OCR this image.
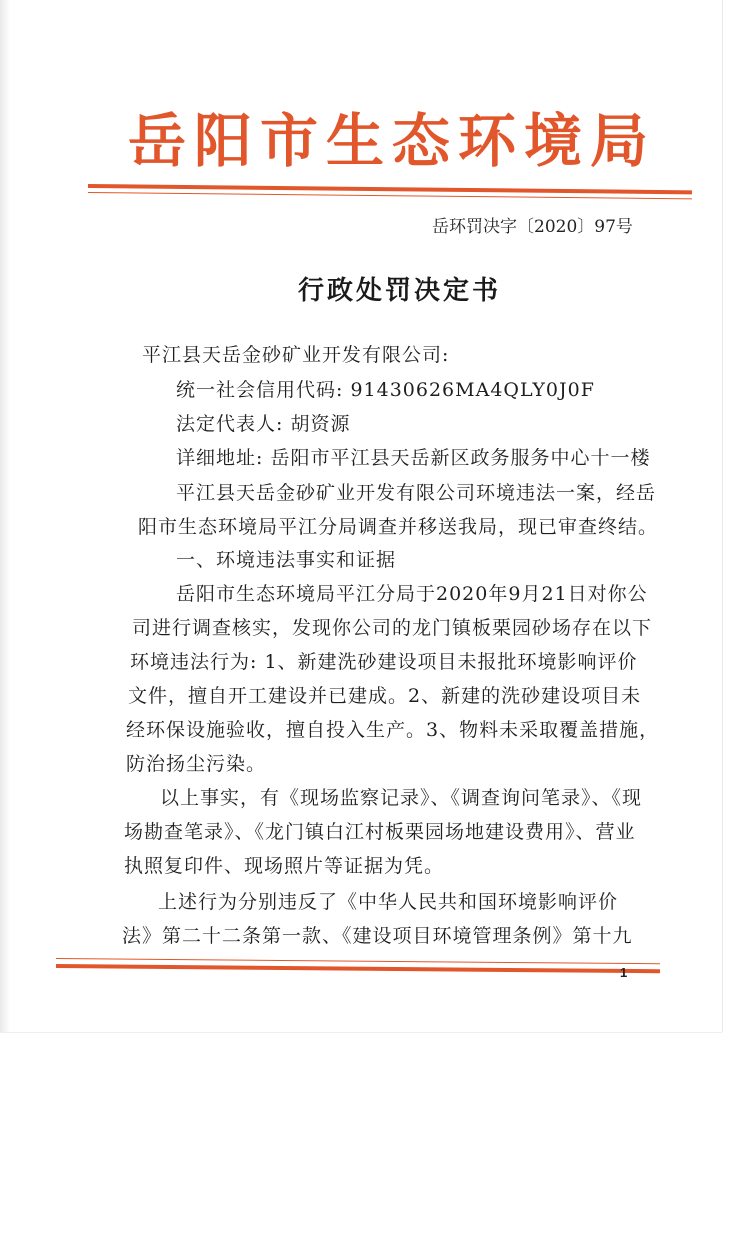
岳阳市生态环境局
岳环罚决字〔2020〕97号
行政处罚决定书
平江县天岳金砂矿业开发有限公司:
统一社会信用代码: 91430626MA4QLY0J0F
法定代表人: 胡资源
详细地址: 岳阳市平江县天岳新区政务服务中心十一楼
平江县天岳金砂矿业开发有限公司环境违法一案，经岳
阳市生态环境局平江分局调查并移送我局，现已审查终结。
一、环境违法事实和证据
岳阳市生态环境局平江分局于2020年9月21日对你公
司进行调查核实，发现你公司的龙门镇板栗园砂场存在以下
环境违法行为: 1、新建洗砂建设项目未报批环境影响评价
文件，擅自开工建设并已建成。2、新建的洗砂建设项目未
经环保设施验收，擅自投入生产。3、物料未采取覆盖措施，
防治扬尘污染。
以上事实，有《现场监察记录》、《调查询问笔录》、《现
场勘查笔录》、《龙门镇白江村板栗园场地建设费用》、营业
执照复印件、现场照片等证据为凭。
上述行为分别违反了《中华人民共和国环境影响评价
法》第二十二条第一款、《建设项目环境管理条例》第十九
1
